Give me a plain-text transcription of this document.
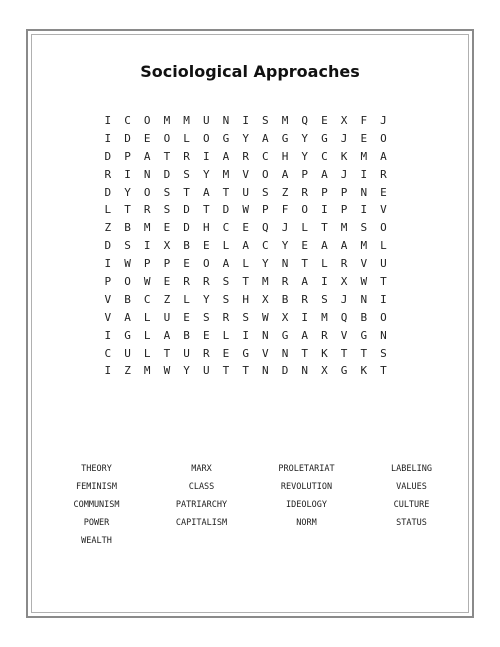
Sociological Approaches
I	C	O	M	M	U	N	I	S	M	Q	E	X	F	J
I	D	E	O	L	O	G	Y	A	G	Y	G	J	E	O
D	P	A	T	R	I	A	R	C	H	Y	C	K	M	A
R	I	N	D	S	Y	M	V	O	A	P	A	J	I	R
D	Y	O	S	T	A	T	U	S	Z	R	P	P	N	E
L	T	R	S	D	T	D	W	P	F	O	I	P	I	V
Z	B	M	E	D	H	C	E	Q	J	L	T	M	S	O
D	S	I	X	B	E	L	A	C	Y	E	A	A	M	L
I	W	P	P	E	O	A	L	Y	N	T	L	R	V	U
P	O	W	E	R	R	S	T	M	R	A	I	X	W	T
V	B	C	Z	L	Y	S	H	X	B	R	S	J	N	I
V	A	L	U	E	S	R	S	W	X	I	M	Q	B	O
I	G	L	A	B	E	L	I	N	G	A	R	V	G	N
C	U	L	T	U	R	E	G	V	N	T	K	T	T	S
I	Z	M	W	Y	U	T	T	N	D	N	X	G	K	T
THEORY	MARX	PROLETARIAT	LABELING
FEMINISM	CLASS	REVOLUTION	VALUES
COMMUNISM	PATRIARCHY	IDEOLOGY	CULTURE
POWER	CAPITALISM	NORM	STATUS
WEALTH
